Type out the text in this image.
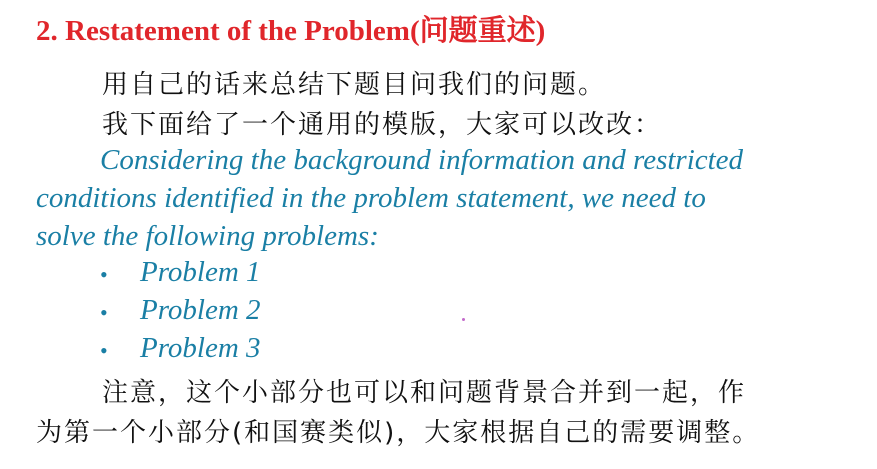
2. Restatement of the Problem(问题重述)
用自己的话来总结下题目问我们的问题。
我下面给了一个通用的模版，大家可以改改：
Considering the background information and restricted
conditions identified in the problem statement, we need to
solve the following problems:
• Problem 1
• Problem 2
• Problem 3
注意，这个小部分也可以和问题背景合并到一起，作
为第一个小部分(和国赛类似)，大家根据自己的需要调整。
